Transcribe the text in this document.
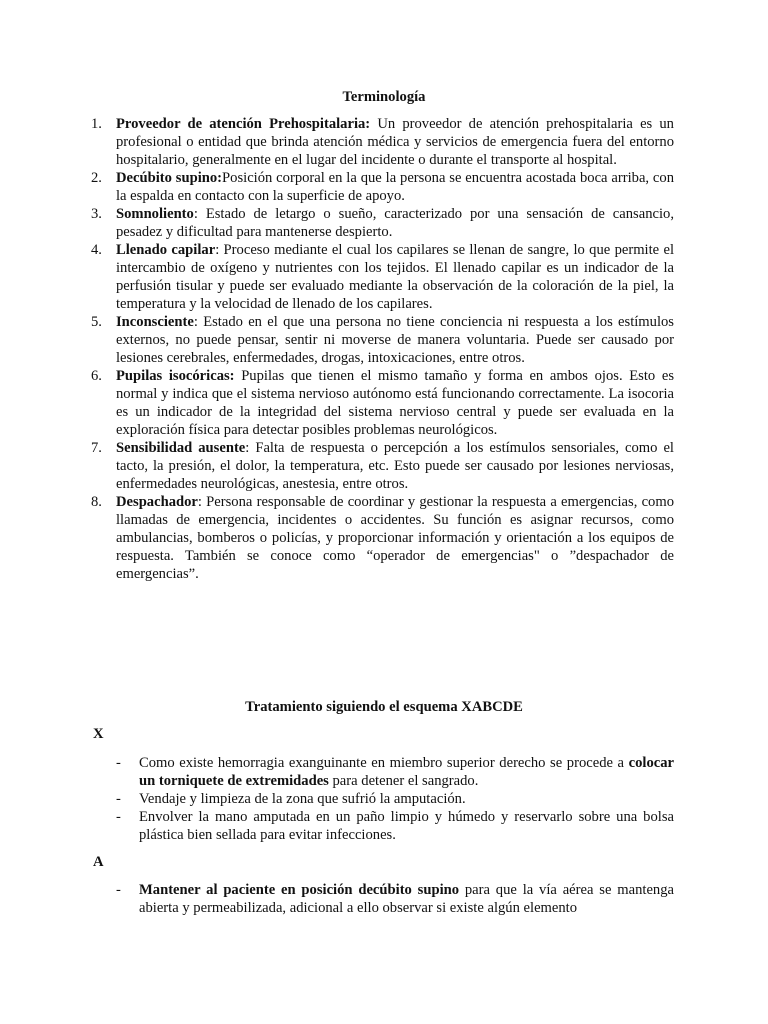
Terminología
1. Proveedor de atención Prehospitalaria: Un proveedor de atención prehospitalaria es un profesional o entidad que brinda atención médica y servicios de emergencia fuera del entorno hospitalario, generalmente en el lugar del incidente o durante el transporte al hospital.
2. Decúbito supino:Posición corporal en la que la persona se encuentra acostada boca arriba, con la espalda en contacto con la superficie de apoyo.
3. Somnoliento: Estado de letargo o sueño, caracterizado por una sensación de cansancio, pesadez y dificultad para mantenerse despierto.
4. Llenado capilar: Proceso mediante el cual los capilares se llenan de sangre, lo que permite el intercambio de oxígeno y nutrientes con los tejidos. El llenado capilar es un indicador de la perfusión tisular y puede ser evaluado mediante la observación de la coloración de la piel, la temperatura y la velocidad de llenado de los capilares.
5. Inconsciente: Estado en el que una persona no tiene conciencia ni respuesta a los estímulos externos, no puede pensar, sentir ni moverse de manera voluntaria. Puede ser causado por lesiones cerebrales, enfermedades, drogas, intoxicaciones, entre otros.
6. Pupilas isocóricas: Pupilas que tienen el mismo tamaño y forma en ambos ojos. Esto es normal y indica que el sistema nervioso autónomo está funcionando correctamente. La isocoria es un indicador de la integridad del sistema nervioso central y puede ser evaluada en la exploración física para detectar posibles problemas neurológicos.
7. Sensibilidad ausente: Falta de respuesta o percepción a los estímulos sensoriales, como el tacto, la presión, el dolor, la temperatura, etc. Esto puede ser causado por lesiones nerviosas, enfermedades neurológicas, anestesia, entre otros.
8. Despachador: Persona responsable de coordinar y gestionar la respuesta a emergencias, como llamadas de emergencia, incidentes o accidentes. Su función es asignar recursos, como ambulancias, bomberos o policías, y proporcionar información y orientación a los equipos de respuesta. También se conoce como “operador de emergencias" o ”despachador de emergencias”.
Tratamiento siguiendo el esquema XABCDE
X
- Como existe hemorragia exanguinante en miembro superior derecho se procede a colocar un torniquete de extremidades para detener el sangrado.
- Vendaje y limpieza de la zona que sufrió la amputación.
- Envolver la mano amputada en un paño limpio y húmedo y reservarlo sobre una bolsa plástica bien sellada para evitar infecciones.
A
- Mantener al paciente en posición decúbito supino para que la vía aérea se mantenga abierta y permeabilizada, adicional a ello observar si existe algún elemento
